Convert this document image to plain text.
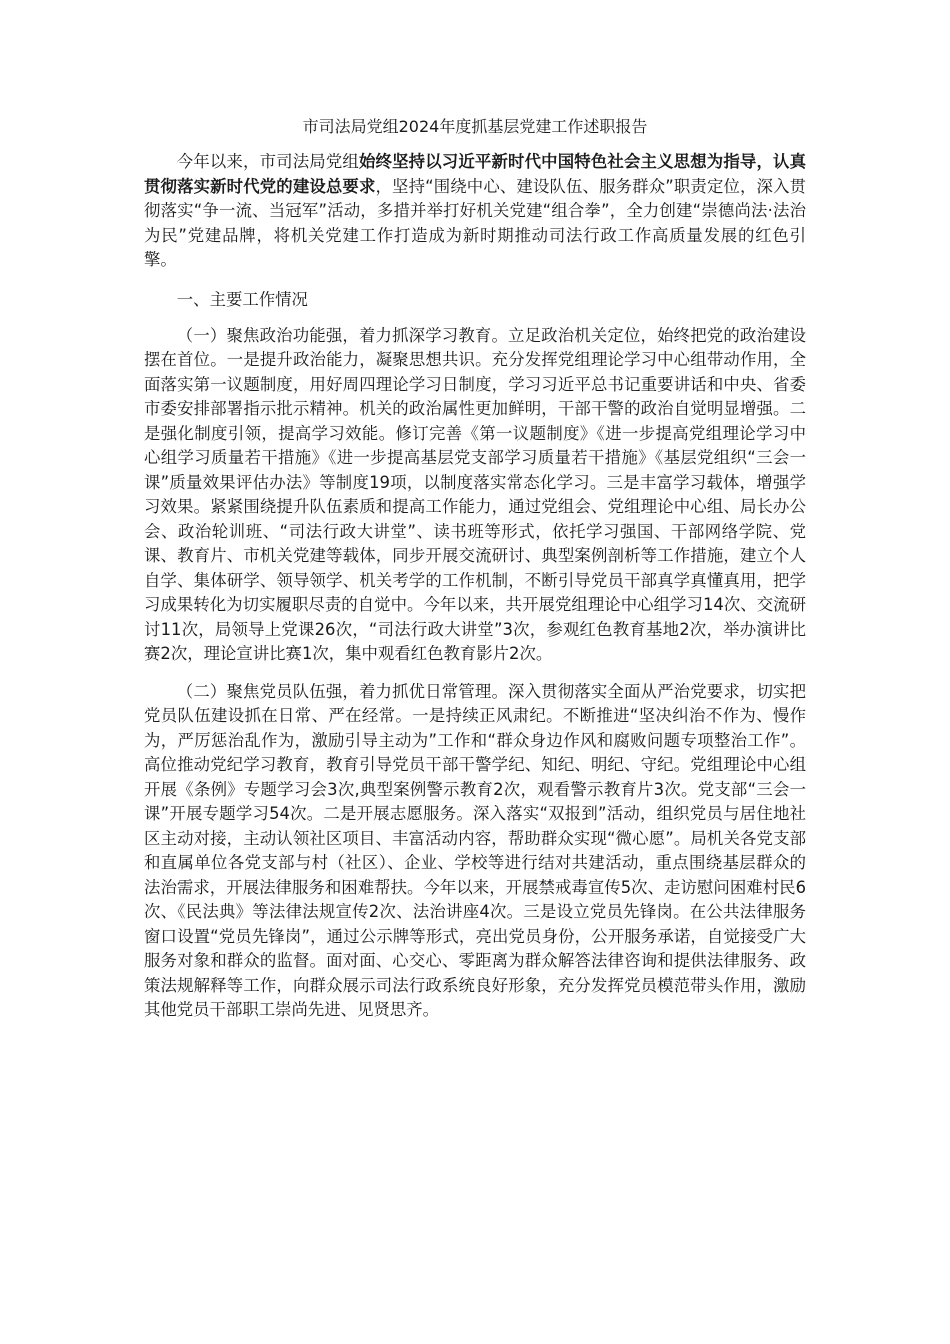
市司法局党组2024年度抓基层党建工作述职报告

今年以来，市司法局党组始终坚持以习近平新时代中国特色社会主义思想为指导，认真贯彻落实新时代党的建设总要求，坚持“围绕中心、建设队伍、服务群众”职责定位，深入贯彻落实“争一流、当冠军”活动，多措并举打好机关党建“组合拳”，全力创建“崇德尚法·法治为民”党建品牌，将机关党建工作打造成为新时期推动司法行政工作高质量发展的红色引擎。

一、主要工作情况

（一）聚焦政治功能强，着力抓深学习教育。立足政治机关定位，始终把党的政治建设摆在首位。一是提升政治能力，凝聚思想共识。充分发挥党组理论学习中心组带动作用，全面落实第一议题制度，用好周四理论学习日制度，学习习近平总书记重要讲话和中央、省委市委安排部署指示批示精神。机关的政治属性更加鲜明，干部干警的政治自觉明显增强。二是强化制度引领，提高学习效能。修订完善《第一议题制度》《进一步提高党组理论学习中心组学习质量若干措施》《进一步提高基层党支部学习质量若干措施》《基层党组织“三会一课”质量效果评估办法》等制度19项，以制度落实常态化学习。三是丰富学习载体，增强学习效果。紧紧围绕提升队伍素质和提高工作能力，通过党组会、党组理论中心组、局长办公会、政治轮训班、“司法行政大讲堂”、读书班等形式，依托学习强国、干部网络学院、党课、教育片、市机关党建等载体，同步开展交流研讨、典型案例剖析等工作措施，建立个人自学、集体研学、领导领学、机关考学的工作机制，不断引导党员干部真学真懂真用，把学习成果转化为切实履职尽责的自觉中。今年以来，共开展党组理论中心组学习14次、交流研讨11次，局领导上党课26次，“司法行政大讲堂”3次，参观红色教育基地2次，举办演讲比赛2次，理论宣讲比赛1次，集中观看红色教育影片2次。

（二）聚焦党员队伍强，着力抓优日常管理。深入贯彻落实全面从严治党要求，切实把党员队伍建设抓在日常、严在经常。一是持续正风肃纪。不断推进“坚决纠治不作为、慢作为，严厉惩治乱作为，激励引导主动为”工作和“群众身边作风和腐败问题专项整治工作”。高位推动党纪学习教育，教育引导党员干部干警学纪、知纪、明纪、守纪。党组理论中心组开展《条例》专题学习会3次,典型案例警示教育2次，观看警示教育片3次。党支部“三会一课”开展专题学习54次。二是开展志愿服务。深入落实“双报到”活动，组织党员与居住地社区主动对接，主动认领社区项目、丰富活动内容，帮助群众实现“微心愿”。局机关各党支部和直属单位各党支部与村（社区）、企业、学校等进行结对共建活动，重点围绕基层群众的法治需求，开展法律服务和困难帮扶。今年以来，开展禁戒毒宣传5次、走访慰问困难村民6次、《民法典》等法律法规宣传2次、法治讲座4次。三是设立党员先锋岗。在公共法律服务窗口设置“党员先锋岗”，通过公示牌等形式，亮出党员身份，公开服务承诺，自觉接受广大服务对象和群众的监督。面对面、心交心、零距离为群众解答法律咨询和提供法律服务、政策法规解释等工作，向群众展示司法行政系统良好形象，充分发挥党员模范带头作用，激励其他党员干部职工崇尚先进、见贤思齐。
